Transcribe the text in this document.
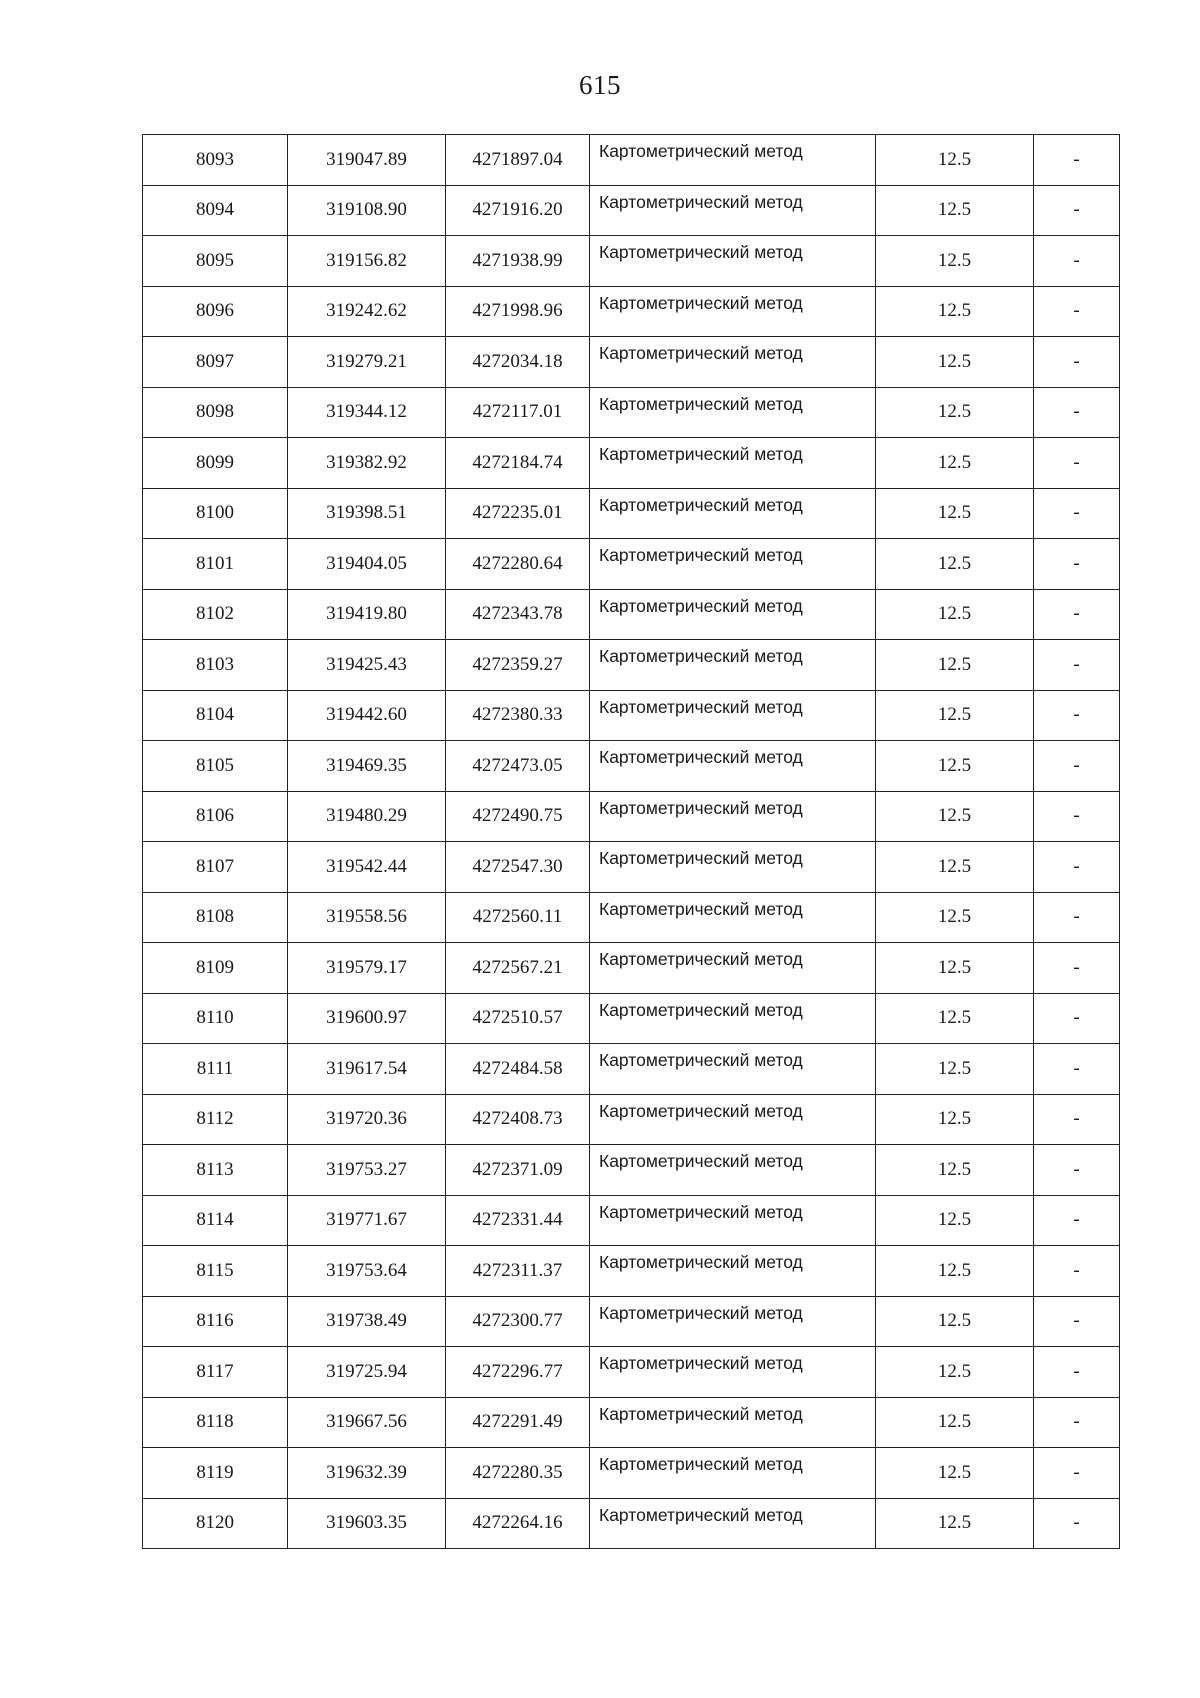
615
8093	319047.89	4271897.04	Картометрический метод	12.5	-
8094	319108.90	4271916.20	Картометрический метод	12.5	-
8095	319156.82	4271938.99	Картометрический метод	12.5	-
8096	319242.62	4271998.96	Картометрический метод	12.5	-
8097	319279.21	4272034.18	Картометрический метод	12.5	-
8098	319344.12	4272117.01	Картометрический метод	12.5	-
8099	319382.92	4272184.74	Картометрический метод	12.5	-
8100	319398.51	4272235.01	Картометрический метод	12.5	-
8101	319404.05	4272280.64	Картометрический метод	12.5	-
8102	319419.80	4272343.78	Картометрический метод	12.5	-
8103	319425.43	4272359.27	Картометрический метод	12.5	-
8104	319442.60	4272380.33	Картометрический метод	12.5	-
8105	319469.35	4272473.05	Картометрический метод	12.5	-
8106	319480.29	4272490.75	Картометрический метод	12.5	-
8107	319542.44	4272547.30	Картометрический метод	12.5	-
8108	319558.56	4272560.11	Картометрический метод	12.5	-
8109	319579.17	4272567.21	Картометрический метод	12.5	-
8110	319600.97	4272510.57	Картометрический метод	12.5	-
8111	319617.54	4272484.58	Картометрический метод	12.5	-
8112	319720.36	4272408.73	Картометрический метод	12.5	-
8113	319753.27	4272371.09	Картометрический метод	12.5	-
8114	319771.67	4272331.44	Картометрический метод	12.5	-
8115	319753.64	4272311.37	Картометрический метод	12.5	-
8116	319738.49	4272300.77	Картометрический метод	12.5	-
8117	319725.94	4272296.77	Картометрический метод	12.5	-
8118	319667.56	4272291.49	Картометрический метод	12.5	-
8119	319632.39	4272280.35	Картометрический метод	12.5	-
8120	319603.35	4272264.16	Картометрический метод	12.5	-
